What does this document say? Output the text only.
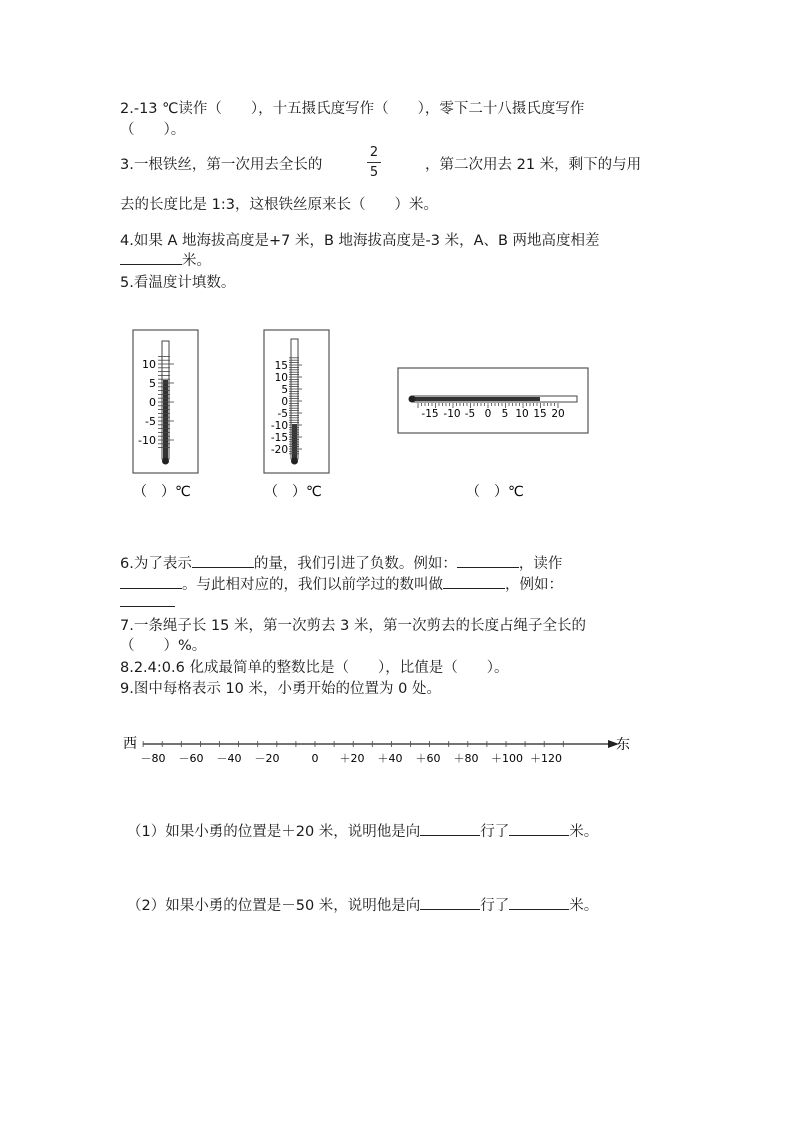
2.-13 ℃读作（　　），十五摄氏度写作（　　），零下二十八摄氏度写作
（　　）。
3.一根铁丝，第一次用去全长的
2
5	，第二次用去 21 米，剩下的与用
去的长度比是 1:3，这根铁丝原来长（　　）米。
4.如果 A 地海拔高度是+7 米，B 地海拔高度是-3 米，A、B 两地高度相差
米。
5.看温度计填数。
10
5
0
-5
-10
（　）℃
15
10
5
0
-5
-10
-15
-20
（　）℃
-15 -10 -5 0 5 10 15 20
（　）℃
6.为了表示	的量，我们引进了负数。例如：	，读作
。与此相对应的，我们以前学过的数叫做	，例如：
7.一条绳子长 15 米，第一次剪去 3 米，第一次剪去的长度占绳子全长的
（　　）%。
8.2.4:0.6 化成最简单的整数比是（　　），比值是（　　）。
9.图中每格表示 10 米，小勇开始的位置为 0 处。
西	东
－80 －60 －40 －20	0 ＋20 ＋40 ＋60 ＋80 ＋100 ＋120
（1）如果小勇的位置是＋20 米，说明他是向	行了	米。
（2）如果小勇的位置是－50 米，说明他是向	行了	米。
